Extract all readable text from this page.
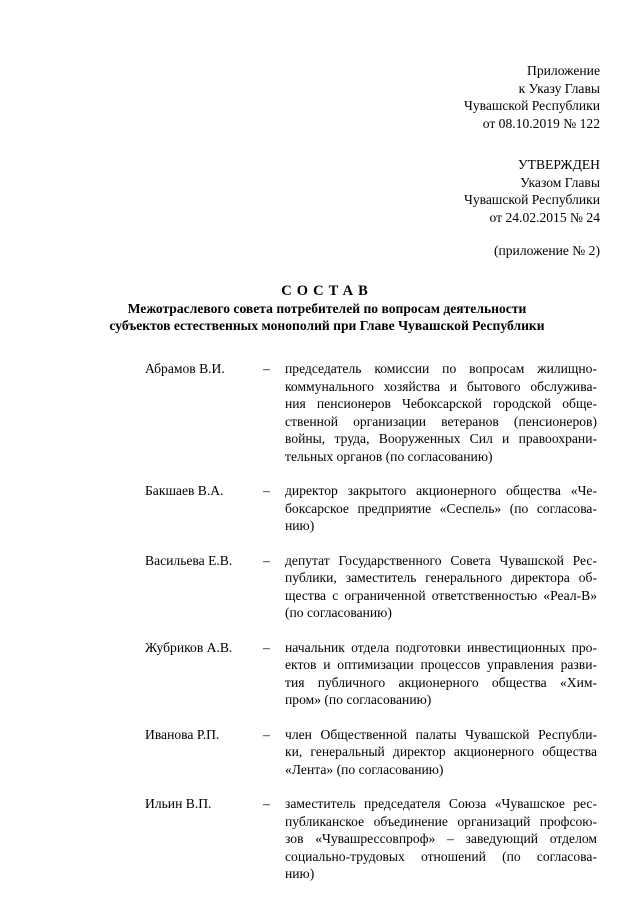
Приложение
к Указу Главы
Чувашской Республики
от 08.10.2019 № 122
УТВЕРЖДЕН
Указом Главы
Чувашской Республики
от 24.02.2015 № 24
(приложение № 2)
СОСТАВ
Межотраслевого совета потребителей по вопросам деятельности
субъектов естественных монополий при Главе Чувашской Республики
Абрамов В.И.	–	председатель комиссии по вопросам жилищно-
коммунального хозяйства и бытового обслужива-
ния пенсионеров Чебоксарской городской обще-
ственной организации ветеранов (пенсионеров)
войны, труда, Вооруженных Сил и правоохрани-
тельных органов (по согласованию)
Бакшаев В.А.	–	директор закрытого акционерного общества «Че-
боксарское предприятие «Сеспель» (по согласова-
нию)
Васильева Е.В.	–	депутат Государственного Совета Чувашской Рес-
публики, заместитель генерального директора об-
щества с ограниченной ответственностью «Реал-В»
(по согласованию)
Жубриков А.В.	–	начальник отдела подготовки инвестиционных про-
ектов и оптимизации процессов управления разви-
тия публичного акционерного общества «Хим-
пром» (по согласованию)
Иванова Р.П.	–	член Общественной палаты Чувашской Республи-
ки, генеральный директор акционерного общества
«Лента» (по согласованию)
Ильин В.П.	–	заместитель председателя Союза «Чувашское рес-
публиканское объединение организаций профсою-
зов «Чувашрессовпроф» – заведующий отделом
социально-трудовых отношений (по согласова-
нию)
